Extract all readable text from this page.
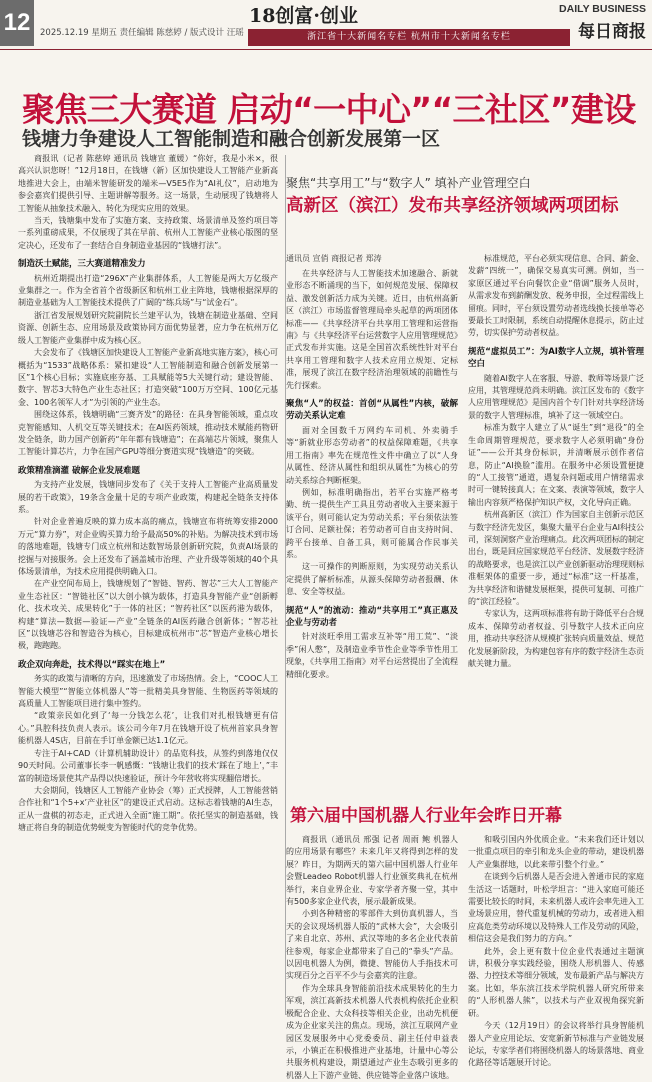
12	2025.12.19 星期五 责任编辑 陈慈婷 / 版式设计 汪瑶
18创富·创业
浙江省十大新闻名专栏 杭州市十大新闻名专栏
DAILY BUSINESS
每日商报
聚焦三大赛道 启动“一中心”“三社区”建设
钱塘力争建设人工智能制造和融合创新发展第一区

商报讯（记者 陈慈婷 通讯员 钱塘宣 董媛）“你好，我是小米×，很高兴认识您呀！”12月18日，在钱塘（新）区加快建设人工智能产业新高地推进大会上，由端米智能研发的端米—V5E5作为“AI礼仪”，启动地为参会嘉宾们提供引导、主题讲解等服务。这一场景，生动展现了钱塘将人工智能从抽象技术融入、转化为现实应用的效果。

当天，钱塘集中发布了实施方案、支持政策、场景清单及签约项目等一系列重磅成果，不仅展现了其在早前、杭州人工智能产业核心版图的坚定决心，还发布了一套结合自身制造业基因的“钱塘打法”。

制造沃土赋能，三大赛道精准发力

杭州近期提出打造“296X”产业集群体系，人工智能是两大万亿级产业集群之一。作为全省首个省级新区和杭州工业主阵地，钱塘根据深厚的制造业基础为人工智能技术提供了广阔的“练兵场”与“试金石”。

浙江省发展规划研究院副院长兰建平认为，钱塘在制造业基础、空间资源、创新生态、应用场景及政策协同方面优势显著，应力争在杭州万亿级人工智能产业集群中成为核心区。

大会发布了《钱塘区加快建设人工智能产业新高地实施方案》，核心可概括为“1533”战略体系：紧扣建设“人工智能制造和融合创新发展第一区”1个核心目标；实施底座夯基、工具赋能等5大关键行动；建设智能、数字、智芯3大特色产业生态社区；打造突破“100万万空间、100亿元基金、100名领军人才”为引领的产业生态。

围绕这体系，钱塘明确“三赛齐发”的路径：在具身智能领域，重点攻克智能感知、人机交互等关键技术；在AI医药领域，推动技术赋能药物研发全链条，助力国产创新药“年年都有钱塘造”；在高端芯片领域，聚焦人工智能计算芯片，力争在国产GPU等细分赛道实现“钱塘造”的突破。

政策精准滴灌 破解企业发展难题

为支持产业发展，钱塘同步发布了《关于支持人工智能产业高质量发展的若干政策》，19条含金量十足的专项产业政策，构建起全链条支持体系。

针对企业普遍反映的算力成本高的痛点，钱塘宣布将统筹安排2000万元“算力券”，对企业购买算力给予最高50%的补贴。为解决技术到市场的落地难题，钱塘专门成立杭州和达数智场景创新研究院，负责AI场景的挖掘与对接服务。会上还发布了涵盖城市治理、产业升级等领域的40个具体场景清单，为技术应用提供明确入口。

在产业空间布局上，钱塘规划了“智链、智药、智芯”三大人工智能产业生态社区：“智链社区”以大创小镇为载体，打造具身智能产业“创新孵化、技术攻关、成果转化”于一体的社区；“智药社区”以医药港为载体，构建“算法—数据—验证—产业”全链条的AI医药融合创新体；“智芯社区”以钱塘芯谷和智造谷为核心，目标建成杭州市“芯”智造产业核心增长极，跑跑跑。

政企双向奔赴，技术得以“踩实在地上”

务实的政策与清晰的方向，迅速激发了市场热情。会上，“COOC人工智能大模型”“智能立体机器人”等一批精美具身智能、生物医药等领域的高质量人工智能项目进行集中签约。

“政策亲民如化到了‘每一分钱怎么花’，让我们对扎根钱塘更有信心。”具腔科技负责人表示。该公司今年7月在钱塘开设了杭州首家具身智能机器人4S店，目前在手订单金额已达1.1亿元。

专注于AI+CAD（计算机辅助设计）的品览科技，从签约到落地仅仅90天时间。公司董事长李一帆感慨：“钱塘让我们的技术‘踩在了地上’，”丰富的制造场景使其产品得以快速验证，预计今年营收将实现翻倍增长。

大会期间，钱塘区人工智能产业协会（筹）正式授牌，人工智能营销合作社和“1个5+x’产业社区”的建设正式启动。这标志着钱塘的AI生态，正从一盘棋的初态走，正式进入全面“施工期”。依托坚实的制造基础，钱塘正将自身的制造优势蜕变为智能时代的竞争优势。

聚焦“共享用工”与“数字人” 填补产业管理空白
高新区（滨江）发布共享经济领域两项团标
通讯员 宣俏 商报记者 郑涛

在共享经济与人工智能技术加速融合、新就业形态不断涌现的当下，如何规范发展、保障权益、激发创新活力成为关键。近日，由杭州高新区（滨江）市场监督管理局牵头起草的两项团体标准——《共享经济平台共享用工管理和运营指南》与《共享经济平台运营数字人应用管理规范》正式发布并实施。这是全国首次系统性针对平台共享用工管理和数字人技术应用立规矩、定标准，展现了滨江在数字经济治理领域的前瞻性与先行探索。

聚焦“人”的权益：首创“从属性”内核，破解劳动关系认定难

面对全国数千万网约车司机、外卖骑手等“新就业形态劳动者”的权益保障难题，《共享用工指南》率先在规范性文件中确立了以“人身从属性、经济从属性和组织从属性”为核心的劳动关系综合判断框架。

例如，标准明确指出，若平台实施严格考勤、统一提供生产工具且劳动者收入主要来源于该平台，则可能认定为劳动关系；平台须依法签订合同、足额社保；若劳动者可自由支持时间、跨平台接单、自备工具，则可能属合作民事关系。

这一可操作的判断原则，为实现劳动关系认定提供了解析标准，从源头保障劳动者报酬、休息、安全等权益。

规范“人”的流动：推动“共享用工”真正惠及企业与劳动者

针对淡旺季用工需求互补等“用工荒”、“淡季”闲人憋”，及制造业季节性企业等季节性用工现象，《共享用工指南》对平台运营提出了全流程精细化要求。

标准规范，平台必须实现信息、合同、薪金、发薪“四统一”，确保交易真实可溯。例如，当一家原区通过平台向餐饮企业“借调”服务人员时，从需求发布到薪酬发放、税务申报，全过程需线上留痕。同时，平台须设置劳动者选线换长接单等必要最长工时限制，系统自动提醒休息提示，防止过劳，切实保护劳动者权益。

规范“虚拟员工”：为AI数字人立规，填补管理空白

随着AI数字人在客服、导游、教师等场景广泛应用，其管理规范尚未明确。滨江区发布的《数字人应用管理规范》是国内首个专门针对共享经济场景的数字人管理标准，填补了这一领域空白。

标准为数字人建立了从“诞生”到“退役”的全生命周期管理规范，要求数字人必须明确“身份证”——公开其身份标识，并清晰展示创作者信息，防止“AI换脸”滥用。在服务中必须设置便捷的“人工接管”通道，遇复杂问题或用户情绪需求时可一键转接真人；在文案、表演等领域，数字人输出内容须严格保护知识产权，文化导向正确。

杭州高新区（滨江）作为国家自主创新示范区与数字经济先发区，集聚大量平台企业与AI科技公司，深刻洞察产业治理痛点。此次两项团标的制定出台，既是回应国家规范平台经济、发展数字经济的战略要求，也是滨江以产业创新驱动治理现则标准框架体的重要一步，通过“标准”这一杆基准，为共享经济和谐健发展框架，提供可复制、可推广的“滨江经验”。

专家认为，这两项标准将有助于降低平台合规成本、保障劳动者权益、引导数字人技术正向应用，推动共享经济从规模扩张转向质量效益、规范化发展新阶段，为构建包容有序的数字经济生态贡献关键力量。

第六届中国机器人行业年会昨日开幕

商报讯（通讯员 邢强 记者 周雨 鲍 机器人的应用场景有哪些？未来几年又将得到怎样的发展？昨日，为期两天的第六届中国机器人行业年会暨Leadeo Robot机器人行业颁奖典礼在杭州举行，来自业界企业、专家学者齐聚一堂，其中有500多家企业代表，展示最新成果。

小到各种精密的零部件大到仿真机器人，当天的会议现场机器人版的“武林大会”，大会吸引了来自北京、苏州、武汉等地的多名企业代表前往参观，每家企业都带来了自己的“拳头”产品。以因电机器人为例，微捷、智能仿人手指技术可实现百分之百平不少与会嘉宾的注意。

作为全球具身智能前沿技术成果转化的生力军观，滨江高新技术机器人代表机构依托企业积极配合企业、大众科技等相关企业，出动先机便成为企业家关注的焦点。现场，滨江互联网产业园区发展服务中心党委委员、副主任付申益表示，小镇正在积极推进产业基地，计量中心等公共服务机构建设，期望通过产业生态吸引更多的机器人上下游产业链、供应链等企业落户该地。

和吸引国内外优质企业。“未来我们还计划以一批重点项目的牵引和龙头企业的带动，建设机器人产业集群地，以此来带引整个行业。”

在谈到今后机器人是否会进入普通市民的家庭生活这一话题时，叶松学坦言：“进入家庭可能还需要比较长的时间，未来机器人或许会率先进入工业场景应用，替代重复机械的劳动力，或者进入相应高危类劳动环境以及特殊人工作及劳动的风险，相信这会是我们努力的方向。”

此外，会上更有数十位企业代表通过主题演讲，积极分享实践经验，围绕人形机器人、传感器、力控技术等细分领域，发布最新产品与解决方案。比如，华东滨江技术学院机器人研究所带来的“人形机器人熊”，以技术与产业双视角探究新研。

今天（12月19日）的会议将举行具身智能机器人产业应用论坛、安宽新新节标准与产业链发展论坛，专家学者们将围绕机器人的场景落地、商业化路径等话题展开讨论。
